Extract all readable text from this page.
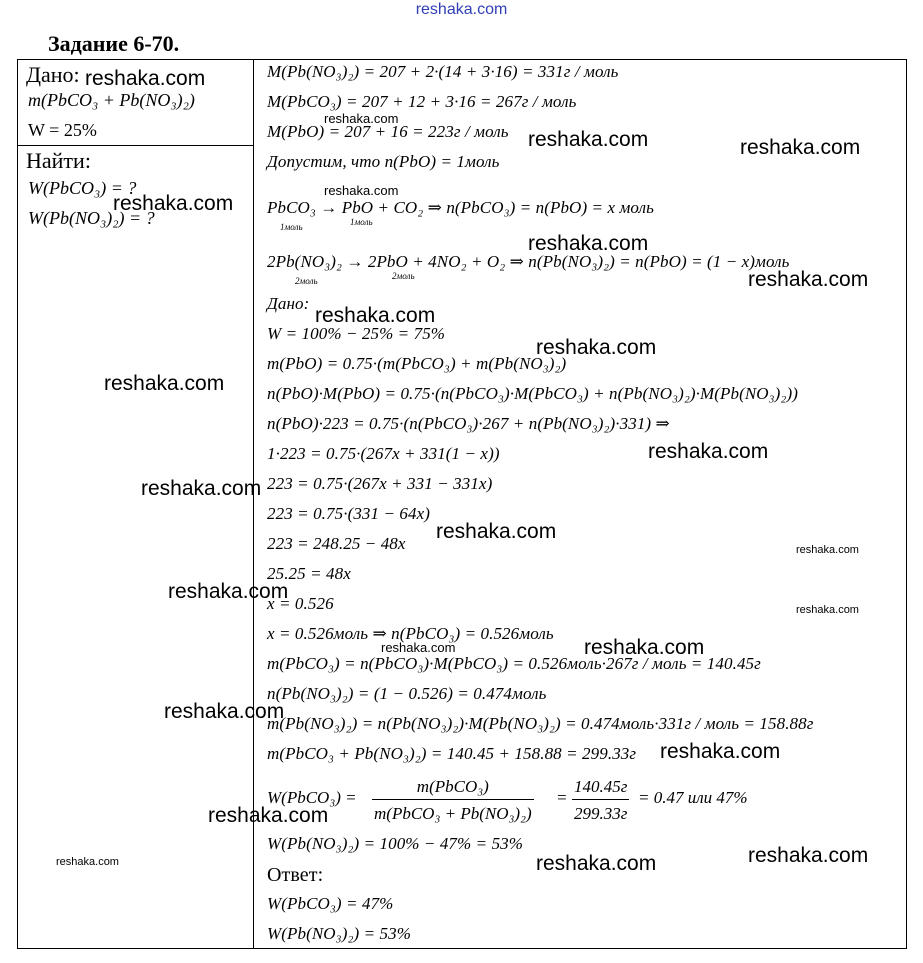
reshaka.com
Задание 6-70.
Дано:
m(PbCO₃ + Pb(NO₃)₂)
W = 25%
Найти:
W(PbCO₃) = ?
W(Pb(NO₃)₂) = ?
M(Pb(NO₃)₂) = 207 + 2·(14 + 3·16) = 331г / моль
M(PbCO₃) = 207 + 12 + 3·16 = 267г / моль
M(PbO) = 207 + 16 = 223г / моль
Допустим, что n(PbO) = 1моль
PbCO₃ → PbO + CO₂ ⇒ n(PbCO₃) = n(PbO) = x моль
1моль	1моль
2Pb(NO₃)₂ → 2PbO + 4NO₂ + O₂ ⇒ n(Pb(NO₃)₂) = n(PbO) = (1 − x)моль
2моль	2моль
Дано:
W = 100% − 25% = 75%
m(PbO) = 0.75·(m(PbCO₃) + m(Pb(NO₃)₂)
n(PbO)·M(PbO) = 0.75·(n(PbCO₃)·M(PbCO₃) + n(Pb(NO₃)₂)·M(Pb(NO₃)₂))
n(PbO)·223 = 0.75·(n(PbCO₃)·267 + n(Pb(NO₃)₂)·331) ⇒
1·223 = 0.75·(267x + 331(1 − x))
223 = 0.75·(267x + 331 − 331x)
223 = 0.75·(331 − 64x)
223 = 248.25 − 48x
25.25 = 48x
x = 0.526
x = 0.526моль ⇒ n(PbCO₃) = 0.526моль
m(PbCO₃) = n(PbCO₃)·M(PbCO₃) = 0.526моль·267г / моль = 140.45г
n(Pb(NO₃)₂) = (1 − 0.526) = 0.474моль
m(Pb(NO₃)₂) = n(Pb(NO₃)₂)·M(Pb(NO₃)₂) = 0.474моль·331г / моль = 158.88г
m(PbCO₃ + Pb(NO₃)₂) = 140.45 + 158.88 = 299.33г
W(PbCO₃) =
m(PbCO₃)
m(PbCO₃ + Pb(NO₃)₂)
=
140.45г
299.33г
= 0.47 или 47%
W(Pb(NO₃)₂) = 100% − 47% = 53%
Ответ:
W(PbCO₃) = 47%
W(Pb(NO₃)₂) = 53%
reshaka.com
reshaka.com
reshaka.com	reshaka.com
reshaka.com
reshaka.com
reshaka.com
reshaka.com
reshaka.com
reshaka.com
reshaka.com
reshaka.com
reshaka.com
reshaka.com
reshaka.com
reshaka.com
reshaka.com
reshaka.com	reshaka.com
reshaka.com
reshaka.com
reshaka.com
reshaka.com
reshaka.com	reshaka.com
